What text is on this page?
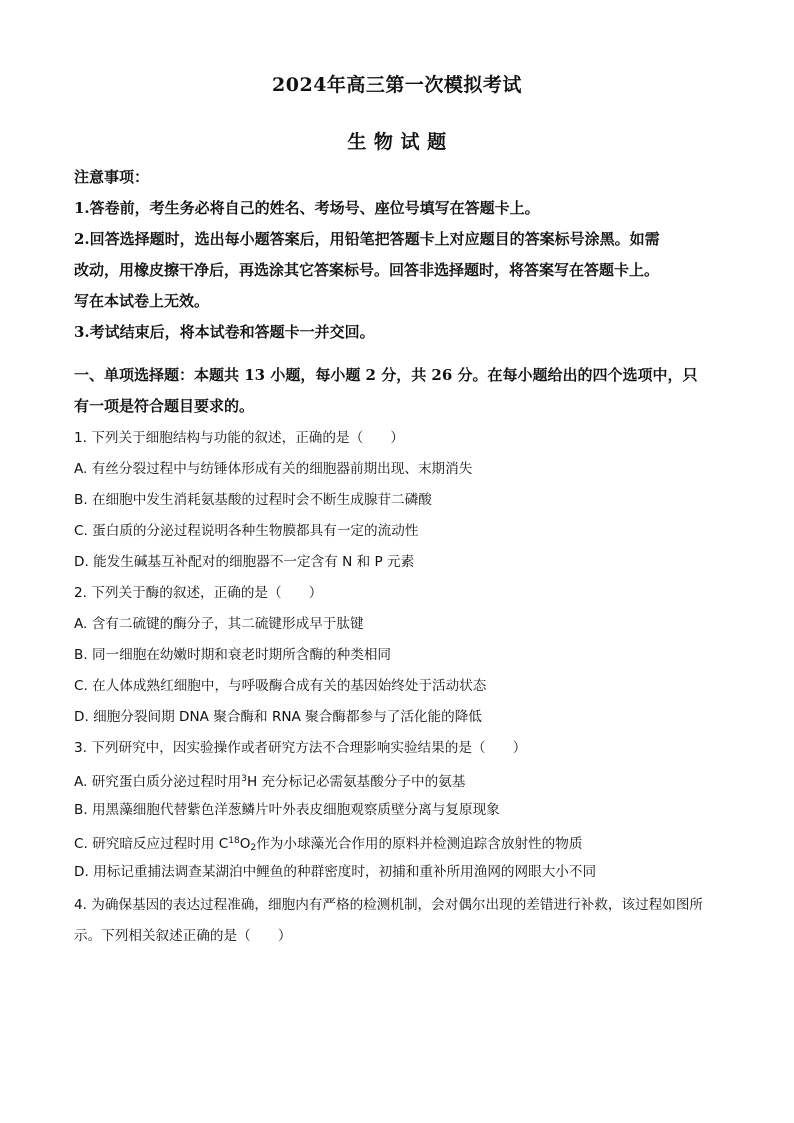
2024年高三第一次模拟考试
生 物 试 题
注意事项：
1.答卷前，考生务必将自己的姓名、考场号、座位号填写在答题卡上。
2.回答选择题时，选出每小题答案后，用铅笔把答题卡上对应题目的答案标号涂黑。如需
改动，用橡皮擦干净后，再选涂其它答案标号。回答非选择题时，将答案写在答题卡上。
写在本试卷上无效。
3.考试结束后，将本试卷和答题卡一并交回。
一、单项选择题：本题共 13 小题，每小题 2 分，共 26 分。在每小题给出的四个选项中，只
有一项是符合题目要求的。
1. 下列关于细胞结构与功能的叙述，正确的是（　　）
A. 有丝分裂过程中与纺锤体形成有关的细胞器前期出现、末期消失
B. 在细胞中发生消耗氨基酸的过程时会不断生成腺苷二磷酸
C. 蛋白质的分泌过程说明各种生物膜都具有一定的流动性
D. 能发生碱基互补配对的细胞器不一定含有 N 和 P 元素
2. 下列关于酶的叙述，正确的是（　　）
A. 含有二硫键的酶分子，其二硫键形成早于肽键
B. 同一细胞在幼嫩时期和衰老时期所含酶的种类相同
C. 在人体成熟红细胞中，与呼吸酶合成有关的基因始终处于活动状态
D. 细胞分裂间期 DNA 聚合酶和 RNA 聚合酶都参与了活化能的降低
3. 下列研究中，因实验操作或者研究方法不合理影响实验结果的是（　　）
A. 研究蛋白质分泌过程时用$^3$H 充分标记必需氨基酸分子中的氨基
B. 用黑藻细胞代替紫色洋葱鳞片叶外表皮细胞观察质壁分离与复原现象
C. 研究暗反应过程时用 $C^{18}O_2$作为小球藻光合作用的原料并检测追踪含放射性的物质
D. 用标记重捕法调查某湖泊中鲤鱼的种群密度时，初捕和重补所用渔网的网眼大小不同
4. 为确保基因的表达过程准确，细胞内有严格的检测机制，会对偶尔出现的差错进行补救，该过程如图所
示。下列相关叙述正确的是（　　）
